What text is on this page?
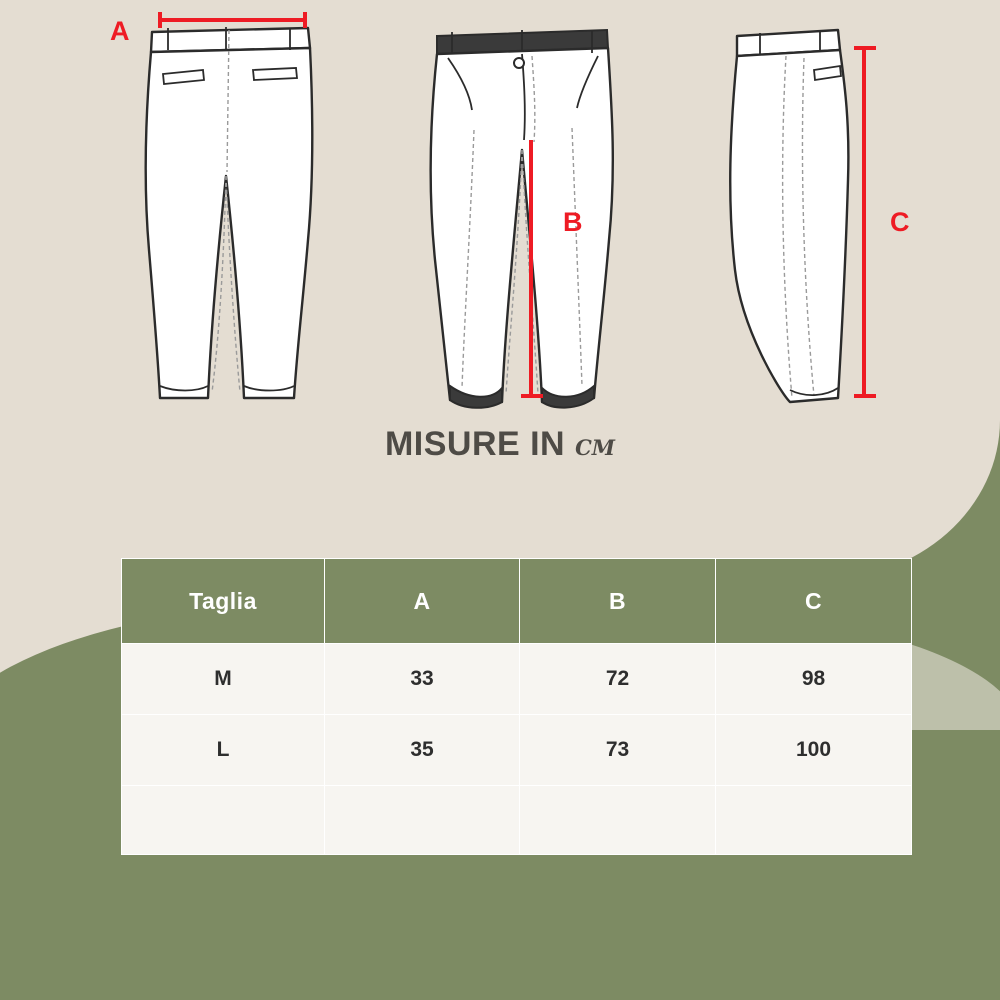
A
B	C
MISURE IN cm
Taglia	A	B	C
M	33	72	98
L	35	73	100
